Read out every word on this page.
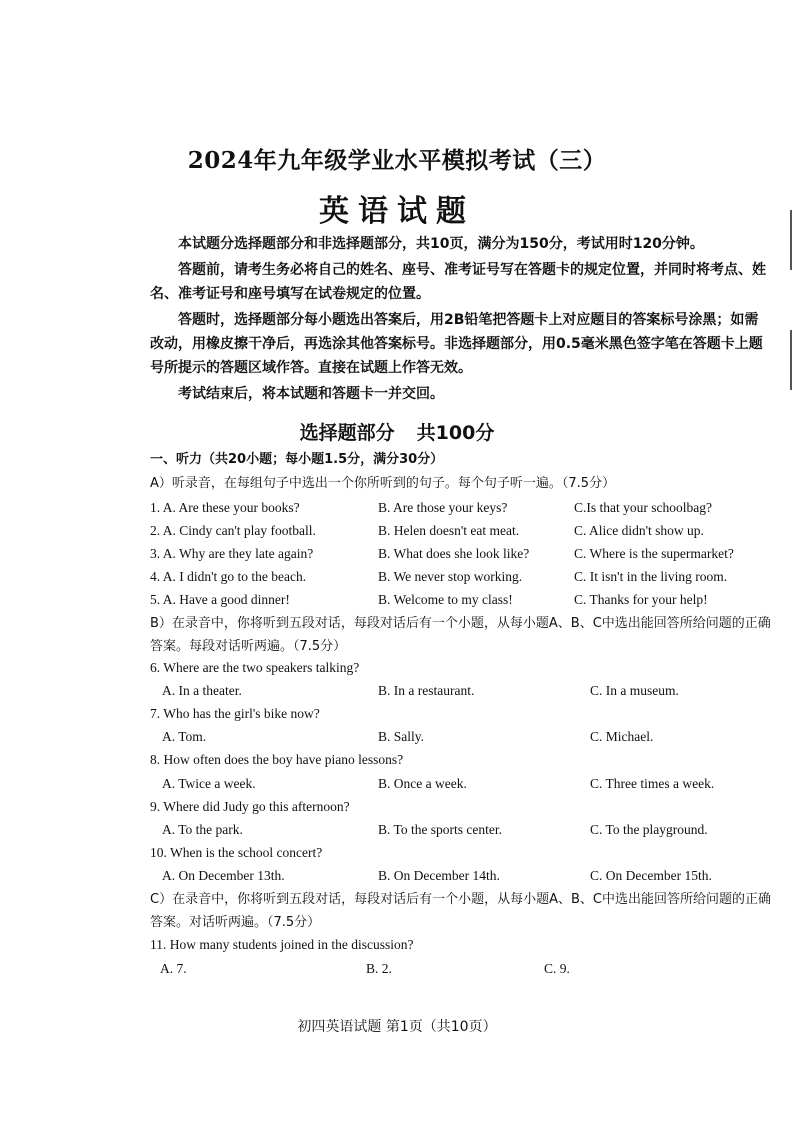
2024年九年级学业水平模拟考试（三）
英语试题
本试题分选择题部分和非选择题部分，共10页，满分为150分，考试用时120分钟。
答题前，请考生务必将自己的姓名、座号、准考证号写在答题卡的规定位置，并同时将考点、姓名、准考证号和座号填写在试卷规定的位置。
答题时，选择题部分每小题选出答案后，用2B铅笔把答题卡上对应题目的答案标号涂黑；如需改动，用橡皮擦干净后，再选涂其他答案标号。非选择题部分，用0.5毫米黑色签字笔在答题卡上题号所提示的答题区域作答。直接在试题上作答无效。
考试结束后，将本试题和答题卡一并交回。
选择题部分 共100分
一、听力（共20小题；每小题1.5分，满分30分）
A）听录音，在每组句子中选出一个你所听到的句子。每个句子听一遍。（7.5分）
1. A. Are these your books?	B. Are those your keys?	C.Is that your schoolbag?
2. A. Cindy can't play football.	B. Helen doesn't eat meat.	C. Alice didn't show up.
3. A. Why are they late again?	B. What does she look like?	C. Where is the supermarket?
4. A. I didn't go to the beach.	B. We never stop working.	C. It isn't in the living room.
5. A. Have a good dinner!	B. Welcome to my class!	C. Thanks for your help!
B）在录音中，你将听到五段对话，每段对话后有一个小题，从每小题A、B、C中选出能回答所给问题的正确答案。每段对话听两遍。（7.5分）
6. Where are the two speakers talking?
A. In a theater.	B. In a restaurant.	C. In a museum.
7. Who has the girl's bike now?
A. Tom.	B. Sally.	C. Michael.
8. How often does the boy have piano lessons?
A. Twice a week.	B. Once a week.	C. Three times a week.
9. Where did Judy go this afternoon?
A. To the park.	B. To the sports center.	C. To the playground.
10. When is the school concert?
A. On December 13th.	B. On December 14th.	C. On December 15th.
C）在录音中，你将听到五段对话，每段对话后有一个小题，从每小题A、B、C中选出能回答所给问题的正确答案。对话听两遍。（7.5分）
11. How many students joined in the discussion?
A. 7.	B. 2.	C. 9.
初四英语试题 第1页（共10页）
